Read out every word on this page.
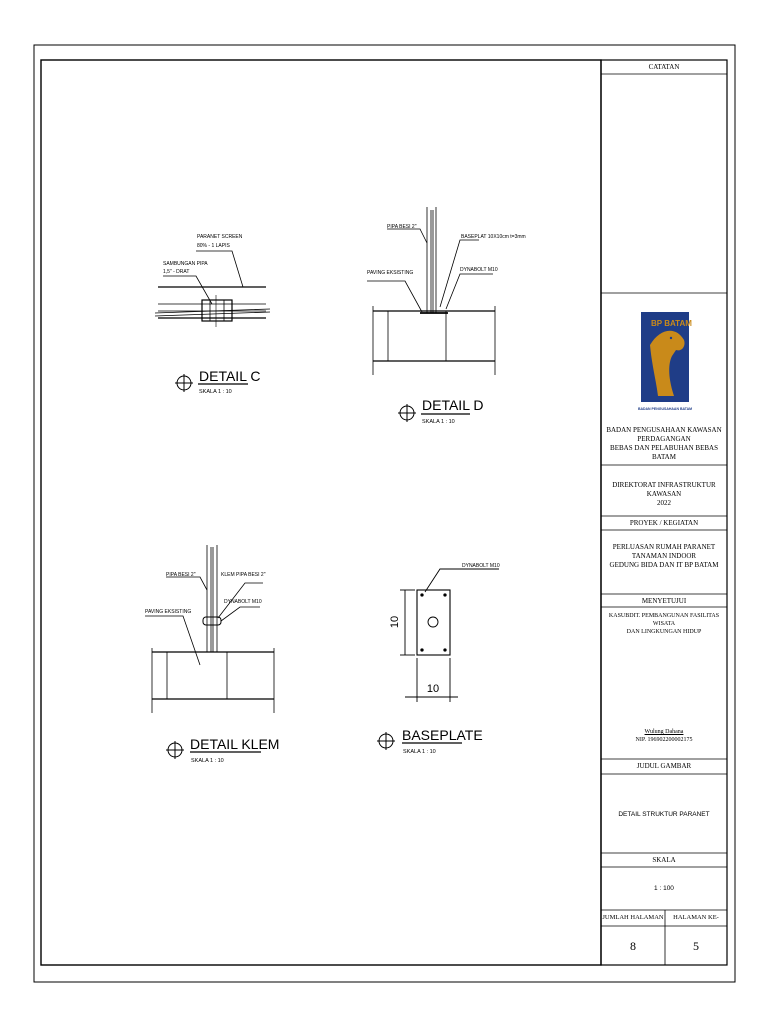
PARANET SCREEN
80% - 1 LAPIS
SAMBUNGAN PIPA
1,5" - DRAT
DETAIL C
SKALA 1 : 10
PIPA BESI 2"
BASEPLAT 10X10cm t=3mm
PAVING EKSISTING	DYNABOLT M10
DETAIL D
SKALA 1 : 10
PIPA BESI 2"	KLEM PIPA BESI 2"
DYNABOLT M10
PAVING EKSISTING
DETAIL KLEM
SKALA 1 : 10
DYNABOLT M10
10
10
BASEPLATE
SKALA 1 : 10
BP BATAM
BADAN PENGUSAHAAN BATAM
CATATAN
BADAN PENGUSAHAAN KAWASAN PERDAGANGAN
BEBAS DAN PELABUHAN BEBAS BATAM
DIREKTORAT INFRASTRUKTUR KAWASAN
2022
PROYEK / KEGIATAN
PERLUASAN RUMAH PARANET
TANAMAN INDOOR
GEDUNG BIDA DAN IT BP BATAM
MENYETUJUI
KASUBDIT. PEMBANGUNAN FASILITAS WISATA
DAN LINGKUNGAN HIDUP
Wulung Dahana
NIP. 196902200002175
JUDUL GAMBAR
DETAIL STRUKTUR PARANET
SKALA
1 : 100
JUMLAH HALAMAN	HALAMAN KE-
8	5
